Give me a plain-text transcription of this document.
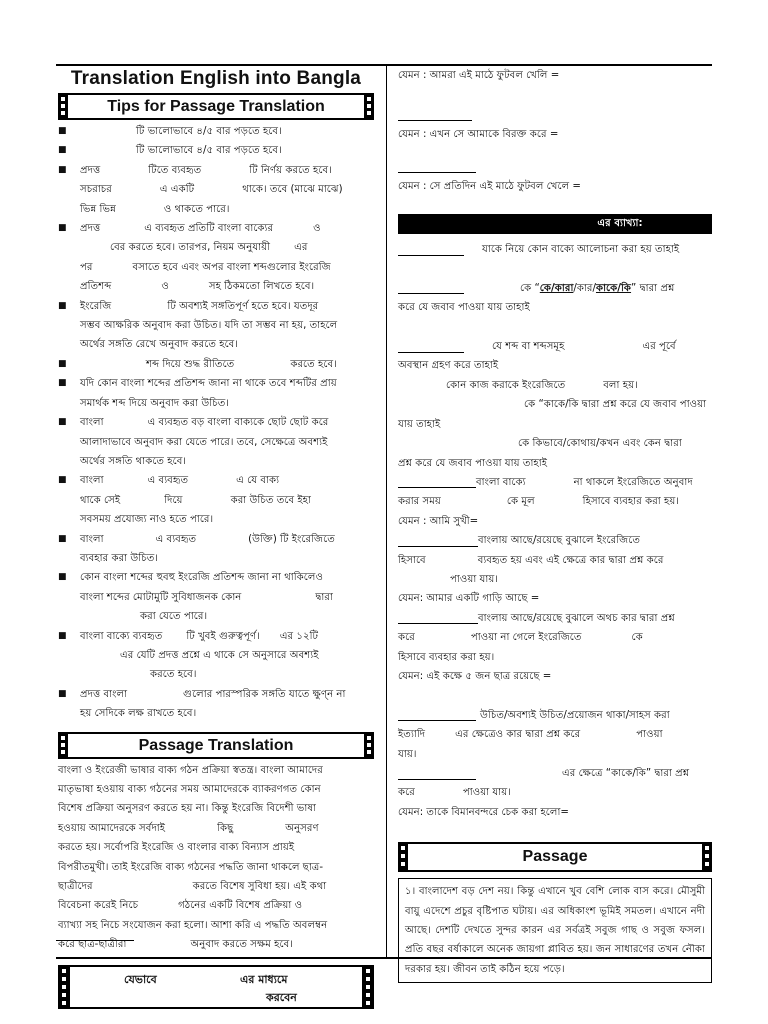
Translation English into Bangla
Tips for Passage Translation
■	টি ভালোভাবে ৪/৫ বার পড়তে হবে।
■	টি ভালোভাবে ৪/৫ বার পড়তে হবে।
■	প্রদত্ত	টিতে ব্যবহৃত	টি নির্ণয় করতে হবে।
সচরাচর	এ একটি	থাকে। তবে (মাঝে মাঝে)
ভিন্ন ভিন্ন	ও থাকতে পারে।
■	প্রদত্ত	এ ব্যবহৃত প্রতিটি বাংলা বাক্যের	ও
বের করতে হবে। তারপর, নিয়ম অনুযায়ী এর
পর	বসাতে হবে এবং অপর বাংলা শব্দগুলোর ইংরেজি
প্রতিশব্দ	ও	সহ ঠিকমতো লিখতে হবে।
■	ইংরেজি	টি অবশ্যই সঙ্গতিপূর্ণ হতে হবে। যতদূর
সম্ভব আক্ষরিক অনুবাদ করা উচিত। যদি তা সম্ভব না হয়, তাহলে
অর্থের সঙ্গতি রেখে অনুবাদ করতে হবে।
■	শব্দ দিয়ে শুদ্ধ রীতিতে	করতে হবে।
■	যদি কোন বাংলা শব্দের প্রতিশব্দ জানা না থাকে তবে শব্দটির প্রায়
সমার্থক শব্দ দিয়ে অনুবাদ করা উচিত।
■	বাংলা	এ ব্যবহৃত বড় বাংলা বাক্যকে ছোট ছোট করে
আলাদাভাবে অনুবাদ করা যেতে পারে। তবে, সেক্ষেত্রে অবশ্যই
অর্থের সঙ্গতি থাকতে হবে।
■	বাংলা	এ ব্যবহৃত	এ যে বাক্য
থাকে সেই	দিয়ে	করা উচিত তবে ইহা
সবসময় প্রযোজ্য নাও হতে পারে।
■	বাংলা	এ ব্যবহৃত	(উক্তি) টি ইংরেজিতে
ব্যবহার করা উচিত।
■	কোন বাংলা শব্দের হুবহু ইংরেজি প্রতিশব্দ জানা না থাকিলেও
বাংলা শব্দের মোটামুটি সুবিধাজনক কোন	দ্বারা
করা যেতে পারে।
■	বাংলা বাক্যে ব্যবহৃত টি খুবই গুরুত্বপূর্ণ। এর ১২টি
এর যেটি প্রদত্ত প্রশ্নে এ থাকে সে অনুসারে অবশ্যই
করতে হবে।
■	প্রদত্ত বাংলা	গুলোর পারস্পরিক সঙ্গতি যাতে ক্ষুণ্ন না
হয় সেদিকে লক্ষ রাখতে হবে।
Passage Translation
বাংলা ও ইংরেজী ভাষার বাক্য গঠন প্রক্রিয়া স্বতন্ত্র। বাংলা আমাদের
মাতৃভাষা হওয়ায় বাক্য গঠনের সময় আমাদেরকে ব্যাকরণগত কোন
বিশেষ প্রক্রিয়া অনুসরণ করতে হয় না। কিন্তু ইংরেজি বিদেশী ভাষা
হওয়ায় আমাদেরকে সর্বদাই	কিছু	অনুসরণ
করতে হয়। সর্বোপরি ইংরেজি ও বাংলার বাক্য বিন্যাস প্রায়ই
বিপরীতমুখী। তাই ইংরেজি বাক্য গঠনের পদ্ধতি জানা থাকলে ছাত্র-
ছাত্রীদের	করতে বিশেষ সুবিধা হয়। এই কথা
বিবেচনা করেই নিচে	গঠনের একটি বিশেষ প্রক্রিয়া ও
ব্যাখ্যা সহ নিচে সংযোজন করা হলো। আশা করি এ পদ্ধতি অবলম্বন
করে ছাত্র-ছাত্রীরা	অনুবাদ করতে সক্ষম হবে।
যেভাবে	এর মাধ্যমে
করবেন
যেমন : আমরা এই মাঠে ফুটবল খেলি =
যেমন : এখন সে আমাকে বিরক্ত করে =
যেমন : সে প্রতিদিন এই মাঠে ফুটবল খেলে =
এর ব্যাখ্যা:
যাকে নিয়ে কোন বাক্যে আলোচনা করা হয় তাহাই

কে “কে/কারা/কার/কাকে/কি” দ্বারা প্রশ্ন
করে যে জবাব পাওয়া যায় তাহাই

যে শব্দ বা শব্দসমূহ	এর পূর্বে
অবস্থান গ্রহণ করে তাহাই
কোন কাজ করাকে ইংরেজিতে	বলা হয়।
কে “কাকে/কি দ্বারা প্রশ্ন করে যে জবাব পাওয়া
যায় তাহাই
কে কিভাবে/কোথায়/কখন এবং কেন দ্বারা
প্রশ্ন করে যে জবাব পাওয়া যায় তাহাই
বাংলা বাক্যে	না থাকলে ইংরেজিতে অনুবাদ
করার সময়	কে মূল	হিসাবে ব্যবহার করা হয়।
যেমন : আমি সুখী=
বাংলায় আছে/রয়েছে বুঝালে ইংরেজিতে
হিসাবে	ব্যবহৃত হয় এবং এই ক্ষেত্রে কার দ্বারা প্রশ্ন করে
পাওয়া যায়।
যেমন: আমার একটি গাড়ি আছে =
বাংলায় আছে/রয়েছে বুঝালে অথচ কার দ্বারা প্রশ্ন
করে	পাওয়া না গেলে ইংরেজিতে	কে
হিসাবে ব্যবহার করা হয়।
যেমন: এই কক্ষে ৫ জন ছাত্র রয়েছে =

উচিত/অবশ্যই উচিত/প্রয়োজন থাকা/সাহস করা
ইত্যাদি	এর ক্ষেত্রেও কার দ্বারা প্রশ্ন করে	পাওয়া
যায়।
এর ক্ষেত্রে “কাকে/কি” দ্বারা প্রশ্ন
করে	পাওয়া যায়।
যেমন: তাকে বিমানবন্দরে চেক করা হলো=
Passage
১। বাংলাদেশ বড় দেশ নয়। কিন্তু এখানে খুব বেশি লোক বাস করে। মৌসুমী বায়ু এদেশে প্রচুর বৃষ্টিপাত ঘটায়। এর অধিকাংশ ভূমিই সমতল। এখানে নদী আছে। দেশটি দেখতে সুন্দর কারন এর সর্বত্রই সবুজ গাছ ও সবুজ ফসল। প্রতি বছর বর্ষাকালে অনেক জায়গা প্লাবিত হয়। জন সাধারণের তখন নৌকা দরকার হয়। জীবন তাই কঠিন হয়ে পড়ে।
